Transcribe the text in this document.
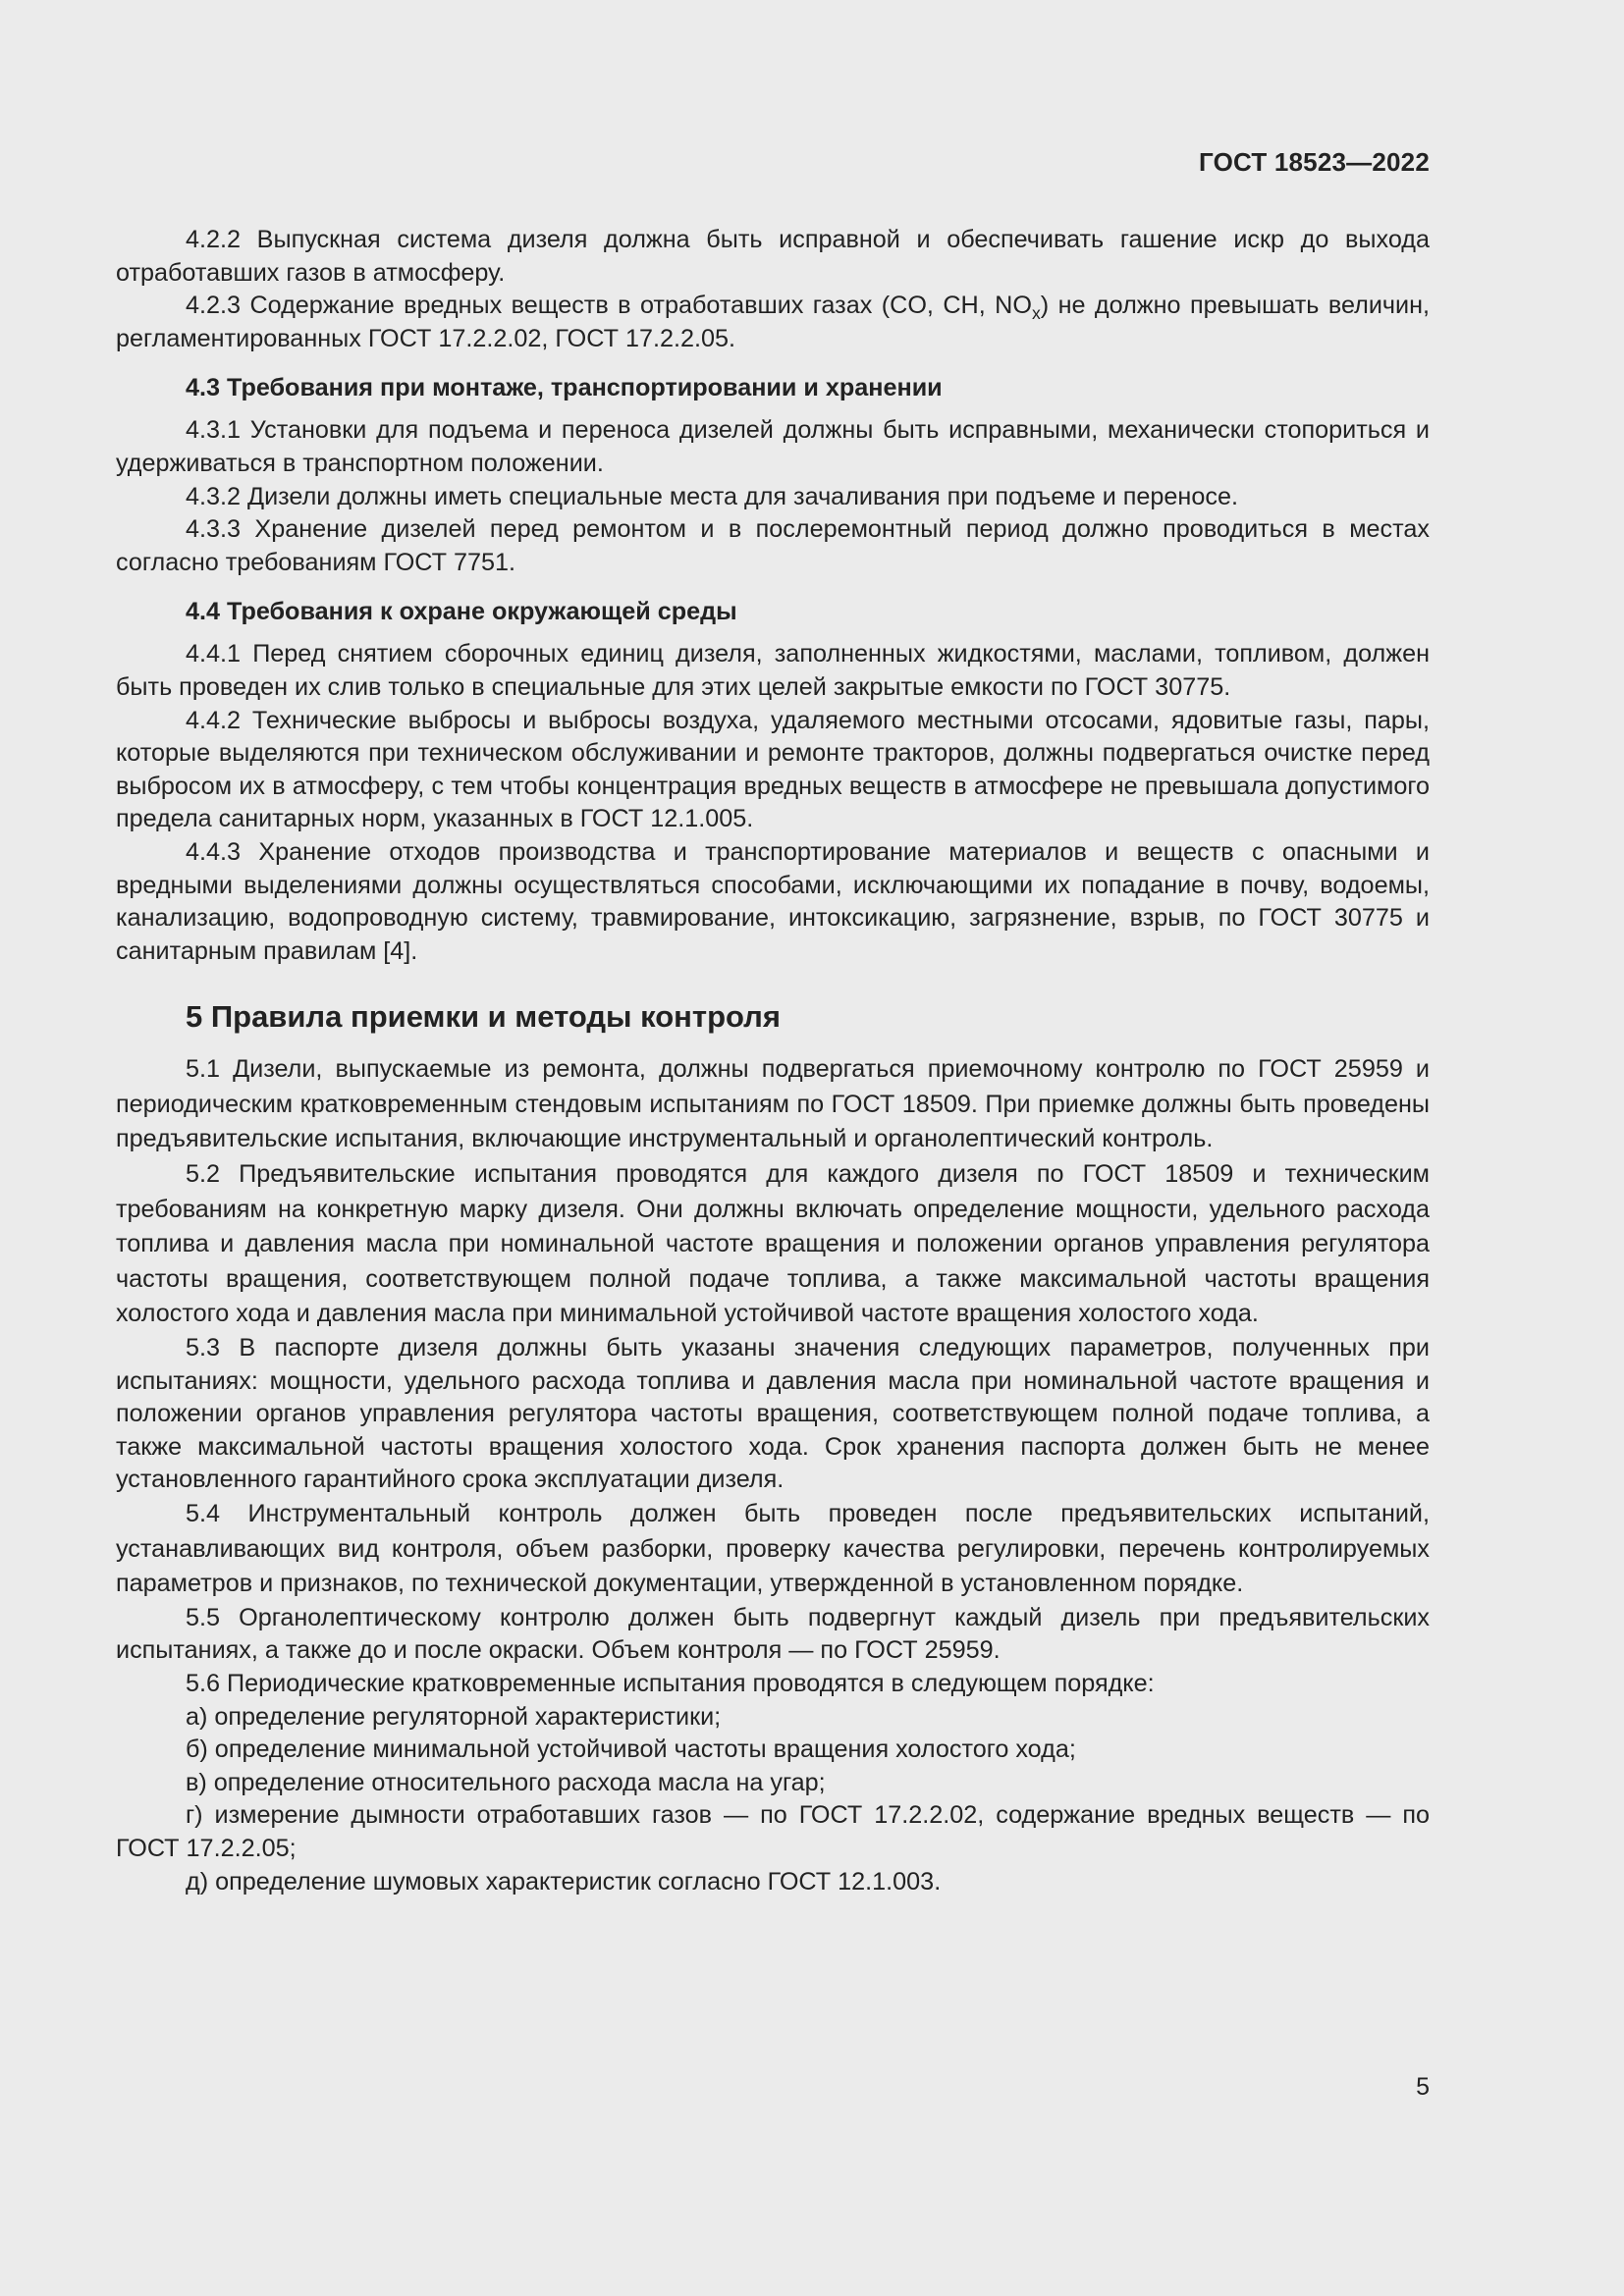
ГОСТ 18523—2022

4.2.2 Выпускная система дизеля должна быть исправной и обеспечивать гашение искр до выхода отработавших газов в атмосферу.

4.2.3 Содержание вредных веществ в отработавших газах (CO, CH, $NO_x$) не должно превышать величин, регламентированных ГОСТ 17.2.2.02, ГОСТ 17.2.2.05.

4.3 Требования при монтаже, транспортировании и хранении

4.3.1 Установки для подъема и переноса дизелей должны быть исправными, механически стопориться и удерживаться в транспортном положении.

4.3.2 Дизели должны иметь специальные места для зачаливания при подъеме и переносе.

4.3.3 Хранение дизелей перед ремонтом и в послеремонтный период должно проводиться в местах согласно требованиям ГОСТ 7751.

4.4 Требования к охране окружающей среды

4.4.1 Перед снятием сборочных единиц дизеля, заполненных жидкостями, маслами, топливом, должен быть проведен их слив только в специальные для этих целей закрытые емкости по ГОСТ 30775.

4.4.2 Технические выбросы и выбросы воздуха, удаляемого местными отсосами, ядовитые газы, пары, которые выделяются при техническом обслуживании и ремонте тракторов, должны подвергаться очистке перед выбросом их в атмосферу, с тем чтобы концентрация вредных веществ в атмосфере не превышала допустимого предела санитарных норм, указанных в ГОСТ 12.1.005.

4.4.3 Хранение отходов производства и транспортирование материалов и веществ с опасными и вредными выделениями должны осуществляться способами, исключающими их попадание в почву, водоемы, канализацию, водопроводную систему, травмирование, интоксикацию, загрязнение, взрыв, по ГОСТ 30775 и санитарным правилам [4].

5 Правила приемки и методы контроля

5.1 Дизели, выпускаемые из ремонта, должны подвергаться приемочному контролю по ГОСТ 25959 и периодическим кратковременным стендовым испытаниям по ГОСТ 18509. При приемке должны быть проведены предъявительские испытания, включающие инструментальный и органолептический контроль.

5.2 Предъявительские испытания проводятся для каждого дизеля по ГОСТ 18509 и техническим требованиям на конкретную марку дизеля. Они должны включать определение мощности, удельного расхода топлива и давления масла при номинальной частоте вращения и положении органов управления регулятора частоты вращения, соответствующем полной подаче топлива, а также максимальной частоты вращения холостого хода и давления масла при минимальной устойчивой частоте вращения холостого хода.

5.3 В паспорте дизеля должны быть указаны значения следующих параметров, полученных при испытаниях: мощности, удельного расхода топлива и давления масла при номинальной частоте вращения и положении органов управления регулятора частоты вращения, соответствующем полной подаче топлива, а также максимальной частоты вращения холостого хода. Срок хранения паспорта должен быть не менее установленного гарантийного срока эксплуатации дизеля.

5.4 Инструментальный контроль должен быть проведен после предъявительских испытаний, устанавливающих вид контроля, объем разборки, проверку качества регулировки, перечень контролируемых параметров и признаков, по технической документации, утвержденной в установленном порядке.

5.5 Органолептическому контролю должен быть подвергнут каждый дизель при предъявительских испытаниях, а также до и после окраски. Объем контроля — по ГОСТ 25959.

5.6 Периодические кратковременные испытания проводятся в следующем порядке:

а) определение регуляторной характеристики;

б) определение минимальной устойчивой частоты вращения холостого хода;

в) определение относительного расхода масла на угар;

г) измерение дымности отработавших газов — по ГОСТ 17.2.2.02, содержание вредных веществ — по ГОСТ 17.2.2.05;

д) определение шумовых характеристик согласно ГОСТ 12.1.003.

5
